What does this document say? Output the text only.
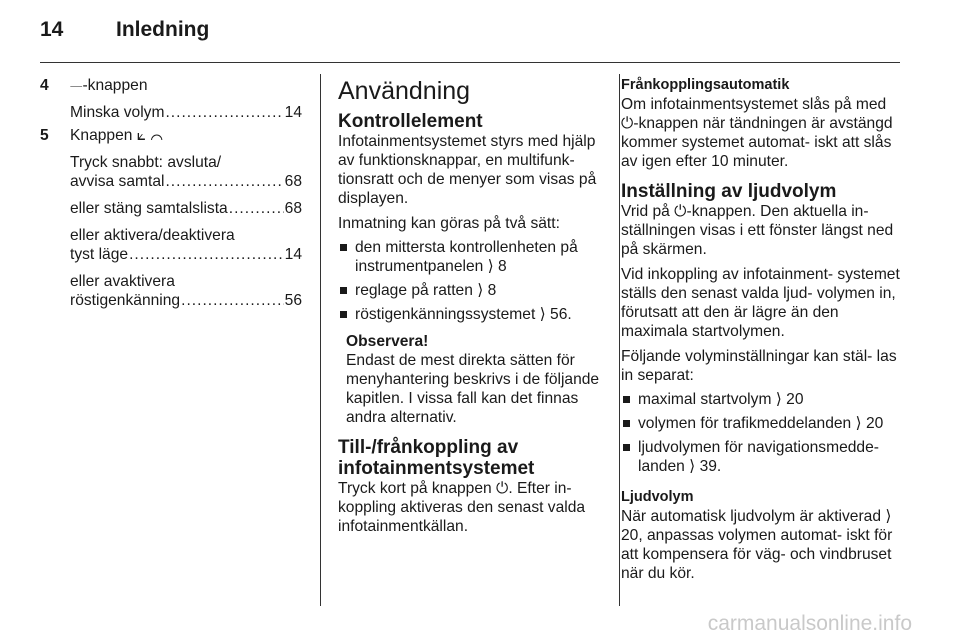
14	Inledning
4 ⏤-knappen
Minska volym .....	14
5 Knappen ⟀ ⌒
Tryck snabbt: avsluta/
avvisa samtal .....	68
eller stäng samtalslista .....	68
eller aktivera/deaktivera
tyst läge .....	14
eller avaktivera
röstigenkänning .....	56
Användning
Kontrollelement

Infotainmentsystemet styrs med hjälp av funktionsknappar, en multifunk- tionsratt och de menyer som visas på displayen.

Inmatning kan göras på två sätt:

den mittersta kontrollenheten på instrumentpanelen ⟩ 8
reglage på ratten ⟩ 8
röstigenkänningssystemet ⟩ 56.
Observera!

Endast de mest direkta sätten för menyhantering beskrivs i de följande kapitlen. I vissa fall kan det finnas andra alternativ.

Till-/frånkoppling av infotainmentsystemet

Tryck kort på knappen ⏻. Efter in- koppling aktiveras den senast valda infotainmentkällan.

Frånkopplingsautomatik

Om infotainmentsystemet slås på med ⏻-knappen när tändningen är avstängd kommer systemet automat- iskt att slås av igen efter 10 minuter.

Inställning av ljudvolym

Vrid på ⏻-knappen. Den aktuella in- ställningen visas i ett fönster längst ned på skärmen.

Vid inkoppling av infotainment- systemet ställs den senast valda ljud- volymen in, förutsatt att den är lägre än den maximala startvolymen.

Följande volyminställningar kan stäl- las in separat:

maximal startvolym ⟩ 20
volymen för trafikmeddelanden ⟩ 20
ljudvolymen för navigationsmedde- landen ⟩ 39.
Ljudvolym

När automatisk ljudvolym är aktiverad ⟩ 20, anpassas volymen automat- iskt för att kompensera för väg- och vindbruset när du kör.

carmanualsonline.info
